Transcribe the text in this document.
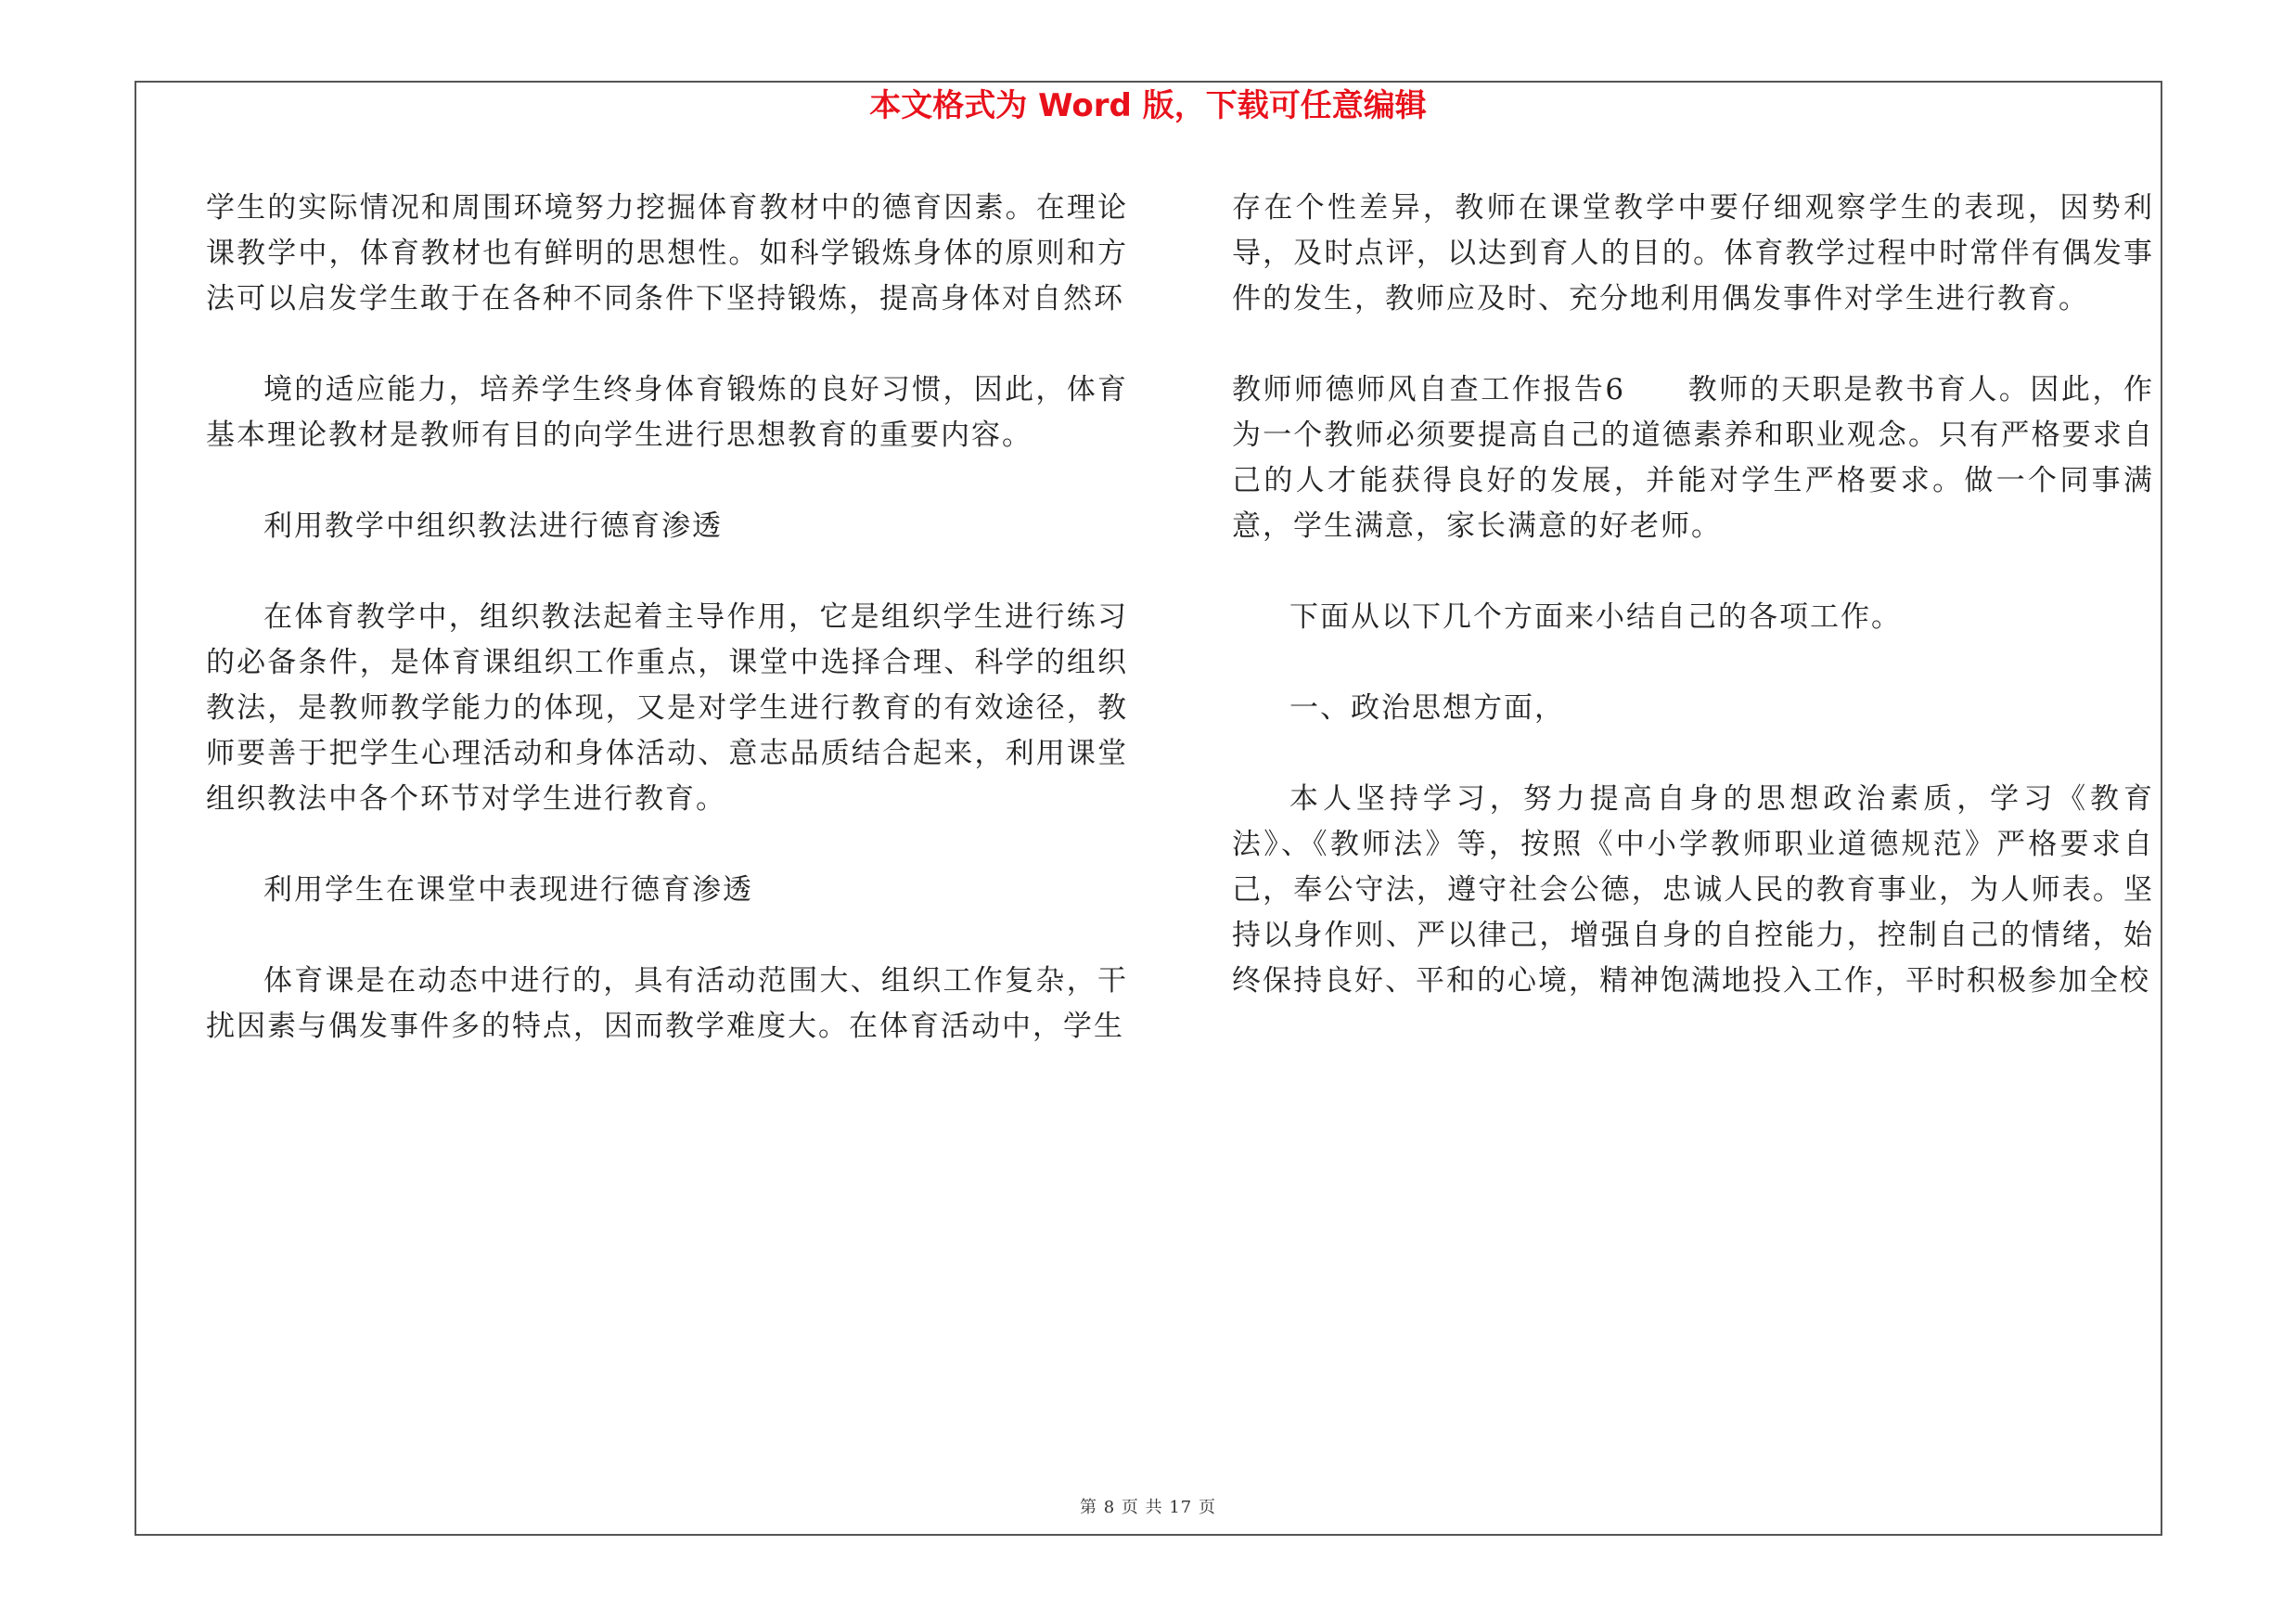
本文格式为 Word 版，下载可任意编辑

学生的实际情况和周围环境努力挖掘体育教材中的德育因素。在理论课教学中，体育教材也有鲜明的思想性。如科学锻炼身体的原则和方法可以启发学生敢于在各种不同条件下坚持锻炼，提高身体对自然环

境的适应能力，培养学生终身体育锻炼的良好习惯，因此，体育基本理论教材是教师有目的向学生进行思想教育的重要内容。

利用教学中组织教法进行德育渗透

在体育教学中，组织教法起着主导作用，它是组织学生进行练习的必备条件，是体育课组织工作重点，课堂中选择合理、科学的组织教法，是教师教学能力的体现，又是对学生进行教育的有效途径，教师要善于把学生心理活动和身体活动、意志品质结合起来，利用课堂组织教法中各个环节对学生进行教育。

利用学生在课堂中表现进行德育渗透

体育课是在动态中进行的，具有活动范围大、组织工作复杂，干扰因素与偶发事件多的特点，因而教学难度大。在体育活动中，学生

存在个性差异，教师在课堂教学中要仔细观察学生的表现，因势利导，及时点评，以达到育人的目的。体育教学过程中时常伴有偶发事件的发生，教师应及时、充分地利用偶发事件对学生进行教育。

教师师德师风自查工作报告6　　教师的天职是教书育人。因此，作为一个教师必须要提高自己的道德素养和职业观念。只有严格要求自己的人才能获得良好的发展，并能对学生严格要求。做一个同事满意，学生满意，家长满意的好老师。

下面从以下几个方面来小结自己的各项工作。

一、政治思想方面，

本人坚持学习，努力提高自身的思想政治素质，学习《教育法》、《教师法》等，按照《中小学教师职业道德规范》严格要求自己，奉公守法，遵守社会公德，忠诚人民的教育事业，为人师表。坚持以身作则、严以律己，增强自身的自控能力，控制自己的情绪，始终保持良好、平和的心境，精神饱满地投入工作，平时积极参加全校

第 8 页 共 17 页
